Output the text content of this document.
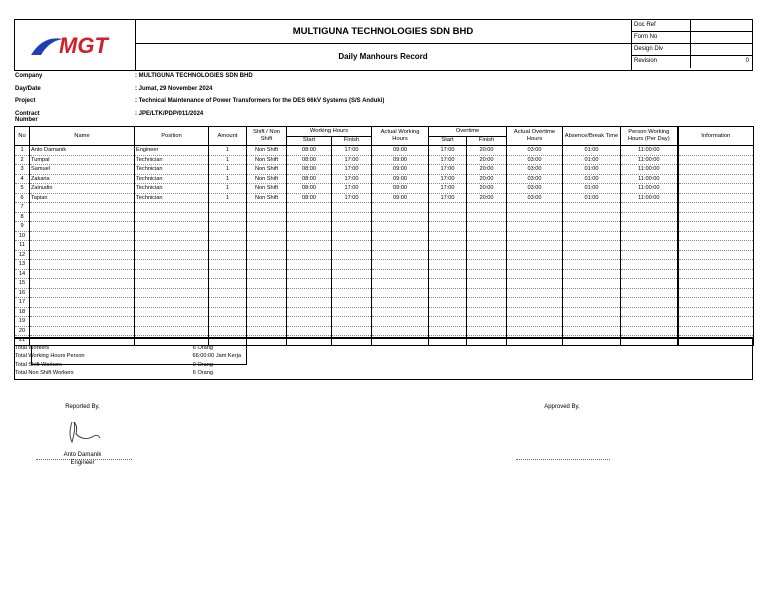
MGT
MULTIGUNA TECHNOLOGIES SDN BHD
Daily Manhours Record
Doc Ref
Form No
Design Div
Revision	0
Company	: MULTIGUNA TECHNOLOGIES SDN BHD
Day/Date	: Jumat, 29 November 2024
Project	: Technical Maintenance of Power Transformers for the DES 66kV Systems (S/S Anduki)
Contract Number
: JPE/LTK/PDP/011/2024
No	Name	Position	Amount	Shift / Non Shift	Working Hours		Actual Working Hours	Overtime		Actual Overtime Hours	Absence/Break Time	Person Working Hours (Per Day)	Information
					Start	Finish		Start	Finish				
1	Anto Damanik	Engineer	1	Non Shift	08:00	17:00	09:00	17:00	20:00	03:00	01:00	11:00:00	
2	Tumpal	Technician	1	Non Shift	08:00	17:00	09:00	17:00	20:00	03:00	01:00	11:00:00	
3	Samuel	Technician	1	Non Shift	08:00	17:00	09:00	17:00	20:00	03:00	01:00	11:00:00	
4	Zakaria	Technician	1	Non Shift	08:00	17:00	09:00	17:00	20:00	03:00	01:00	11:00:00	
5	Zainudin	Technician	1	Non Shift	08:00	17:00	09:00	17:00	20:00	03:00	01:00	11:00:00	
6	Tapian	Technician	1	Non Shift	08:00	17:00	09:00	17:00	20:00	03:00	01:00	11:00:00	
7													
8													
9													
10													
11													
12													
13													
14													
15													
16													
17													
18													
19													
20													
21													
Total Workers	6 Orang
Total Working Hours Person	66:00:00 Jam Kerja
Total Shift Workers	0 Orang
Total Non Shift Workers	6 Orang
Reported By,
Anto Damanik
Engineer
Approved By,
